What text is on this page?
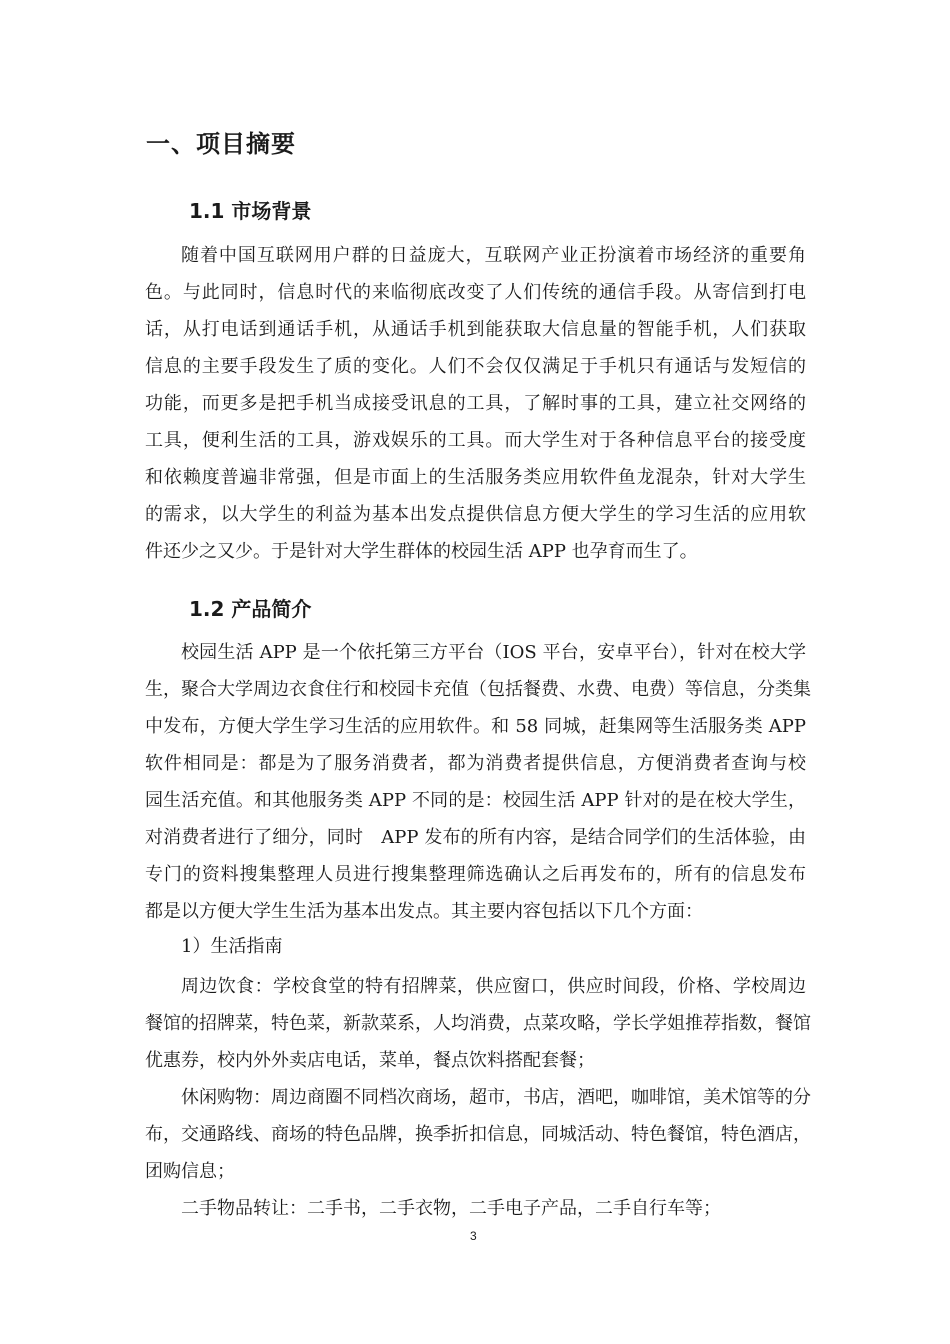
一、项目摘要
1.1 市场背景
随着中国互联网用户群的日益庞大，互联网产业正扮演着市场经济的重要角
色。与此同时，信息时代的来临彻底改变了人们传统的通信手段。从寄信到打电
话，从打电话到通话手机，从通话手机到能获取大信息量的智能手机，人们获取
信息的主要手段发生了质的变化。人们不会仅仅满足于手机只有通话与发短信的
功能，而更多是把手机当成接受讯息的工具，了解时事的工具，建立社交网络的
工具，便利生活的工具，游戏娱乐的工具。而大学生对于各种信息平台的接受度
和依赖度普遍非常强，但是市面上的生活服务类应用软件鱼龙混杂，针对大学生
的需求，以大学生的利益为基本出发点提供信息方便大学生的学习生活的应用软
件还少之又少。于是针对大学生群体的校园生活 APP 也孕育而生了。
1.2 产品简介
校园生活 APP 是一个依托第三方平台（IOS 平台，安卓平台），针对在校大学
生，聚合大学周边衣食住行和校园卡充值（包括餐费、水费、电费）等信息，分类集
中发布，方便大学生学习生活的应用软件。和 58 同城，赶集网等生活服务类 APP
软件相同是：都是为了服务消费者，都为消费者提供信息，方便消费者查询与校
园生活充值。和其他服务类 APP 不同的是：校园生活 APP 针对的是在校大学生，
对消费者进行了细分，同时　APP 发布的所有内容，是结合同学们的生活体验，由
专门的资料搜集整理人员进行搜集整理筛选确认之后再发布的，所有的信息发布
都是以方便大学生生活为基本出发点。其主要内容包括以下几个方面：
1）生活指南
周边饮食：学校食堂的特有招牌菜，供应窗口，供应时间段，价格、学校周边
餐馆的招牌菜，特色菜，新款菜系，人均消费，点菜攻略，学长学姐推荐指数，餐馆
优惠券，校内外外卖店电话，菜单，餐点饮料搭配套餐；
休闲购物：周边商圈不同档次商场，超市，书店，酒吧，咖啡馆，美术馆等的分
布，交通路线、商场的特色品牌，换季折扣信息，同城活动、特色餐馆，特色酒店，
团购信息；
二手物品转让：二手书，二手衣物，二手电子产品，二手自行车等；
3
